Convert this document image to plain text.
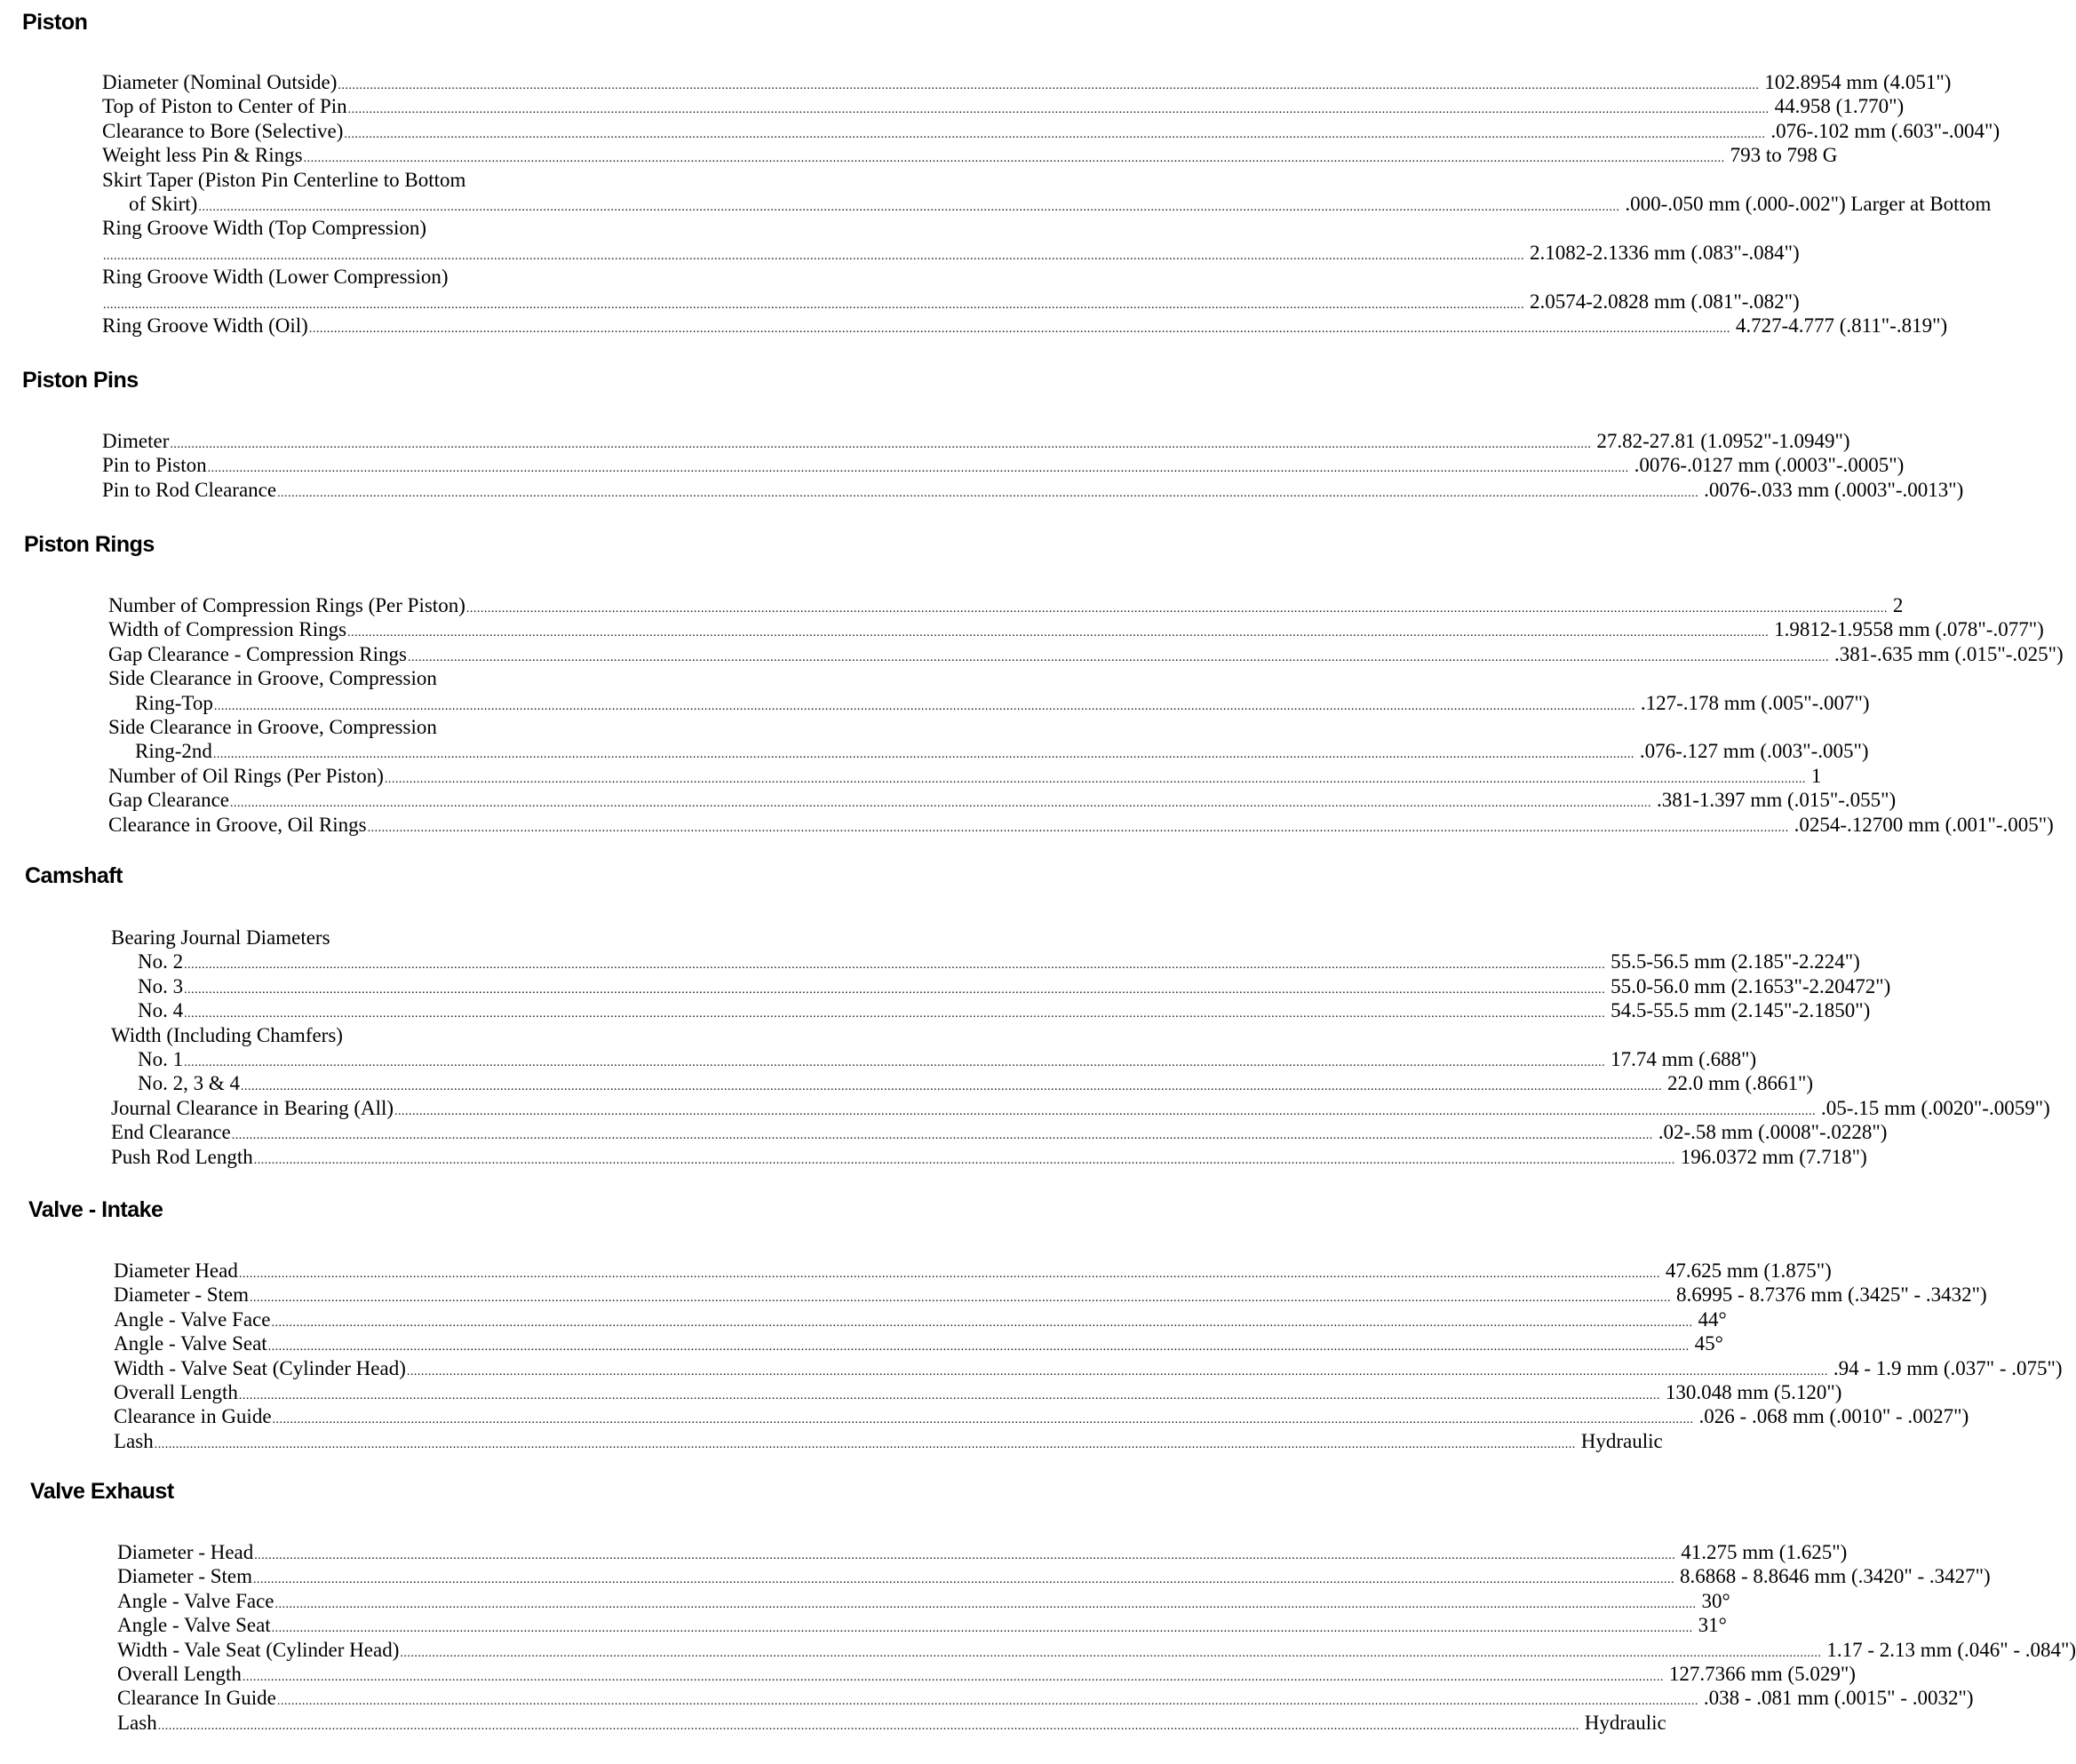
Piston
Diameter (Nominal Outside) ................................................................................................................................................................................................................................................................................................................................................................................................................ 102.8954 mm (4.051")
Top of Piston to Center of Pin ................................................................................................................................................................................................................................................................................................................................................................................................................ 44.958 (1.770")
Clearance to Bore (Selective) ................................................................................................................................................................................................................................................................................................................................................................................................................ .076-.102 mm (.603"-.004")
Weight less Pin & Rings ................................................................................................................................................................................................................................................................................................................................................................................................................ 793 to 798 G
Skirt Taper (Piston Pin Centerline to Bottom
of Skirt) ................................................................................................................................................................................................................................................................................................................................................................................................................ .000-.050 mm (.000-.002") Larger at Bottom
Ring Groove Width (Top Compression)
................................................................................................................................................................................................................................................................................................................................................................................................................ 2.1082-2.1336 mm (.083"-.084")
Ring Groove Width (Lower Compression)
................................................................................................................................................................................................................................................................................................................................................................................................................ 2.0574-2.0828 mm (.081"-.082")
Ring Groove Width (Oil) ................................................................................................................................................................................................................................................................................................................................................................................................................ 4.727-4.777 (.811"-.819")
Piston Pins
Dimeter ................................................................................................................................................................................................................................................................................................................................................................................................................ 27.82-27.81 (1.0952"-1.0949")
Pin to Piston ................................................................................................................................................................................................................................................................................................................................................................................................................ .0076-.0127 mm (.0003"-.0005")
Pin to Rod Clearance ................................................................................................................................................................................................................................................................................................................................................................................................................ .0076-.033 mm (.0003"-.0013")
Piston Rings
Number of Compression Rings (Per Piston) ................................................................................................................................................................................................................................................................................................................................................................................................................ 2
Width of Compression Rings ................................................................................................................................................................................................................................................................................................................................................................................................................ 1.9812-1.9558 mm (.078"-.077")
Gap Clearance - Compression Rings ................................................................................................................................................................................................................................................................................................................................................................................................................ .381-.635 mm (.015"-.025")
Side Clearance in Groove, Compression
Ring-Top ................................................................................................................................................................................................................................................................................................................................................................................................................ .127-.178 mm (.005"-.007")
Side Clearance in Groove, Compression
Ring-2nd ................................................................................................................................................................................................................................................................................................................................................................................................................ .076-.127 mm (.003"-.005")
Number of Oil Rings (Per Piston) ................................................................................................................................................................................................................................................................................................................................................................................................................ 1
Gap Clearance ................................................................................................................................................................................................................................................................................................................................................................................................................ .381-1.397 mm (.015"-.055")
Clearance in Groove, Oil Rings ................................................................................................................................................................................................................................................................................................................................................................................................................ .0254-.12700 mm (.001"-.005")
Camshaft
Bearing Journal Diameters
No. 2 ................................................................................................................................................................................................................................................................................................................................................................................................................ 55.5-56.5 mm (2.185"-2.224")
No. 3 ................................................................................................................................................................................................................................................................................................................................................................................................................ 55.0-56.0 mm (2.1653"-2.20472")
No. 4 ................................................................................................................................................................................................................................................................................................................................................................................................................ 54.5-55.5 mm (2.145"-2.1850")
Width (Including Chamfers)
No. 1 ................................................................................................................................................................................................................................................................................................................................................................................................................ 17.74 mm (.688")
No. 2, 3 & 4 ................................................................................................................................................................................................................................................................................................................................................................................................................ 22.0 mm (.8661")
Journal Clearance in Bearing (All) ................................................................................................................................................................................................................................................................................................................................................................................................................ .05-.15 mm (.0020"-.0059")
End Clearance ................................................................................................................................................................................................................................................................................................................................................................................................................ .02-.58 mm (.0008"-.0228")
Push Rod Length ................................................................................................................................................................................................................................................................................................................................................................................................................ 196.0372 mm (7.718")
Valve - Intake
Diameter Head ................................................................................................................................................................................................................................................................................................................................................................................................................ 47.625 mm (1.875")
Diameter - Stem ................................................................................................................................................................................................................................................................................................................................................................................................................ 8.6995 - 8.7376 mm (.3425" - .3432")
Angle - Valve Face ................................................................................................................................................................................................................................................................................................................................................................................................................ 44°
Angle - Valve Seat ................................................................................................................................................................................................................................................................................................................................................................................................................ 45°
Width - Valve Seat (Cylinder Head) ................................................................................................................................................................................................................................................................................................................................................................................................................ .94 - 1.9 mm (.037" - .075")
Overall Length ................................................................................................................................................................................................................................................................................................................................................................................................................ 130.048 mm (5.120")
Clearance in Guide ................................................................................................................................................................................................................................................................................................................................................................................................................ .026 - .068 mm (.0010" - .0027")
Lash ................................................................................................................................................................................................................................................................................................................................................................................................................ Hydraulic
Valve Exhaust
Diameter - Head ................................................................................................................................................................................................................................................................................................................................................................................................................ 41.275 mm (1.625")
Diameter - Stem ................................................................................................................................................................................................................................................................................................................................................................................................................ 8.6868 - 8.8646 mm (.3420" - .3427")
Angle - Valve Face ................................................................................................................................................................................................................................................................................................................................................................................................................ 30°
Angle - Valve Seat ................................................................................................................................................................................................................................................................................................................................................................................................................ 31°
Width - Vale Seat (Cylinder Head) ................................................................................................................................................................................................................................................................................................................................................................................................................ 1.17 - 2.13 mm (.046" - .084")
Overall Length ................................................................................................................................................................................................................................................................................................................................................................................................................ 127.7366 mm (5.029")
Clearance In Guide ................................................................................................................................................................................................................................................................................................................................................................................................................ .038 - .081 mm (.0015" - .0032")
Lash ................................................................................................................................................................................................................................................................................................................................................................................................................ Hydraulic
